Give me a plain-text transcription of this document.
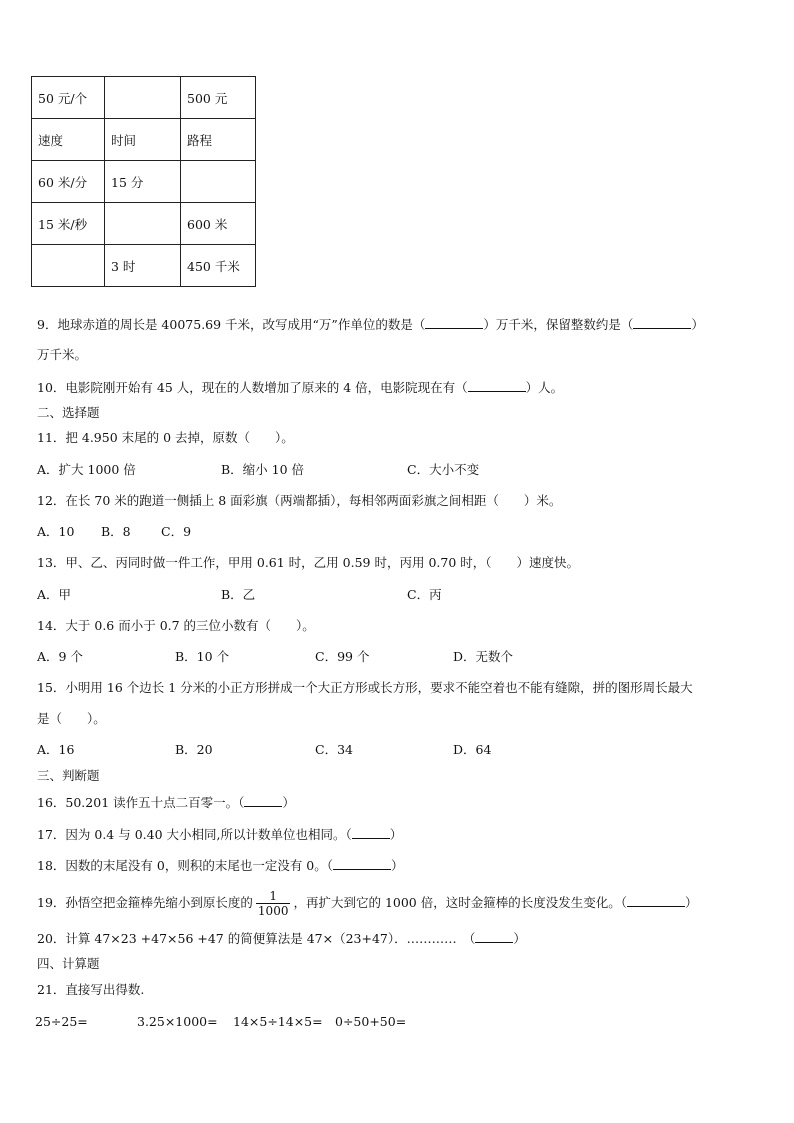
50 元/个		500 元
速度	时间	路程
60 米/分	15 分	
15 米/秒		600 米
	3 时	450 千米
9．地球赤道的周长是 40075.69 千米，改写成用“万”作单位的数是（	）万千米，保留整数约是（	）
万千米。
10．电影院刚开始有 45 人，现在的人数增加了原来的 4 倍，电影院现在有（	）人。
二、选择题
11．把 4.950 末尾的 0 去掉，原数（　　）。
A．扩大 1000 倍	B．缩小 10 倍	C．大小不变
12．在长 70 米的跑道一侧插上 8 面彩旗（两端都插），每相邻两面彩旗之间相距（　　）米。
A．10 B．8 C．9
13．甲、乙、丙同时做一件工作，甲用 0.61 时，乙用 0.59 时，丙用 0.70 时，（　　）速度快。
A．甲	B．乙	C．丙
14．大于 0.6 而小于 0.7 的三位小数有（　　）。
A．9 个	B．10 个	C．99 个	D．无数个
15．小明用 16 个边长 1 分米的小正方形拼成一个大正方形或长方形，要求不能空着也不能有缝隙，拼的图形周长最大
是（　　）。
A．16	B．20	C．34	D．64
三、判断题
16．50.201 读作五十点二百零一。（	）
17．因为 0.4 与 0.40 大小相同,所以计数单位也相同。（	）
18．因数的末尾没有 0，则积的末尾也一定没有 0。（	）
19．孙悟空把金箍棒先缩小到原长度的 $\frac{1}{1000}$ ，再扩大到它的 1000 倍，这时金箍棒的长度没发生变化。（	）
20．计算 47×23 +47×56 +47 的简便算法是 47×（23+47）．…………　（	）
四、计算题
21．直接写出得数.
25÷25=	3.25×1000= 14×5÷14×5= 0÷50+50=
